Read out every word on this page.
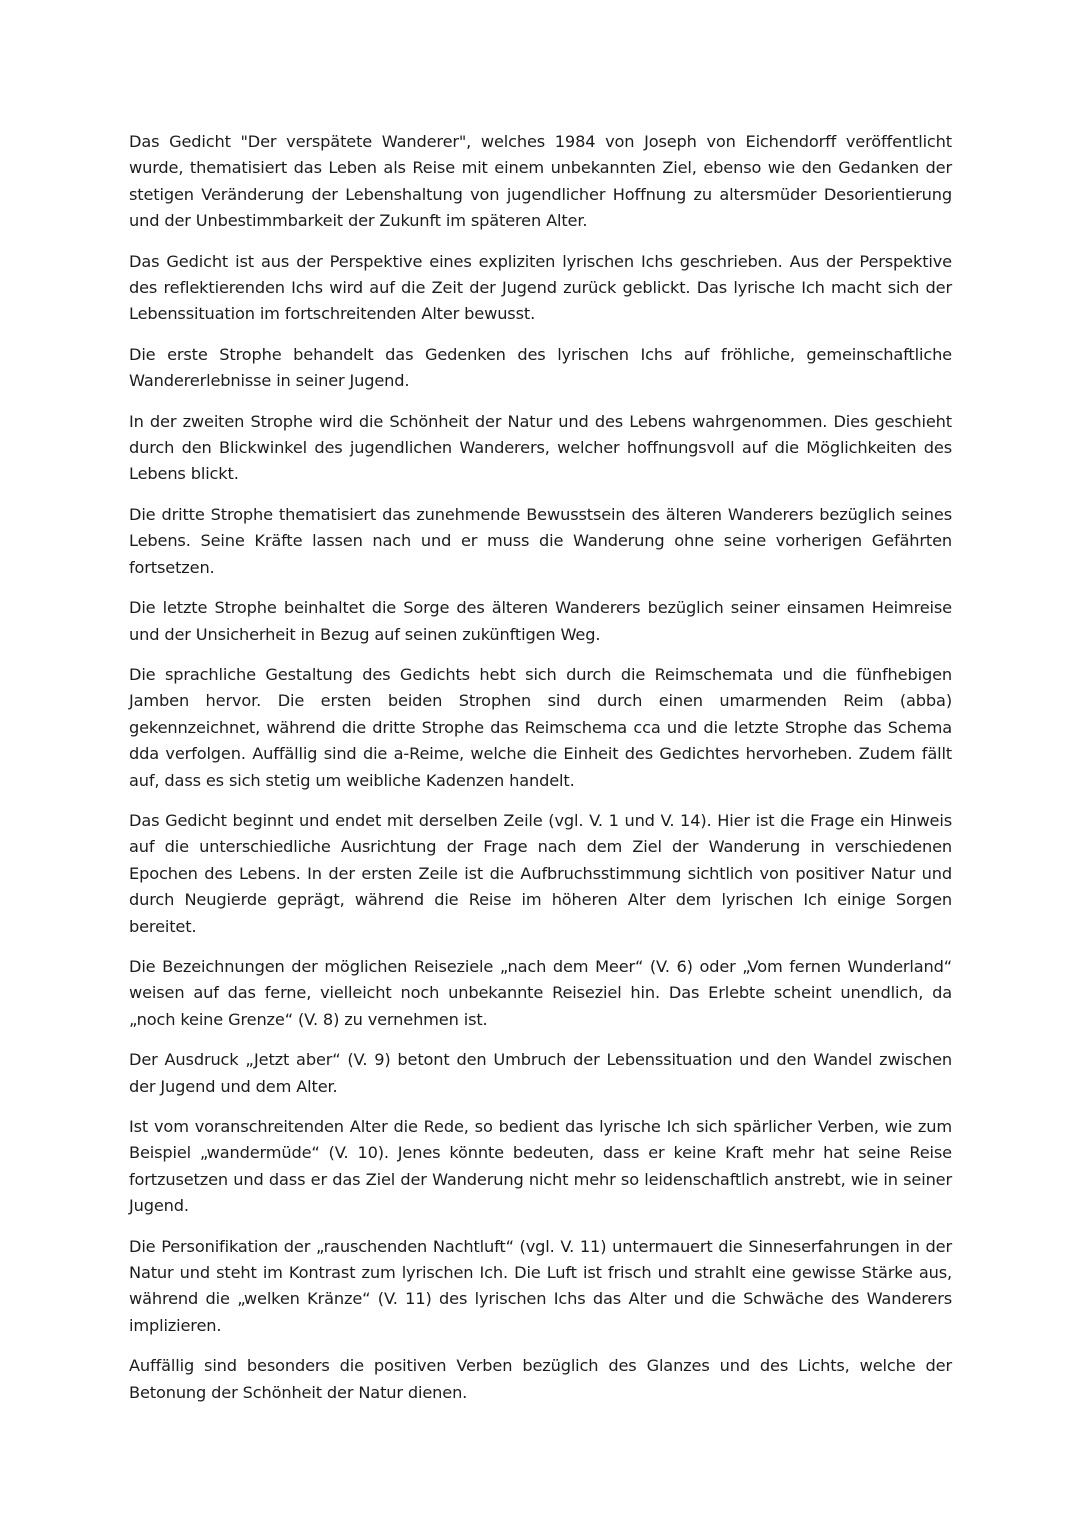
Das Gedicht "Der verspätete Wanderer", welches 1984 von Joseph von Eichendorff veröffentlicht wurde, thematisiert das Leben als Reise mit einem unbekannten Ziel, ebenso wie den Gedanken der stetigen Veränderung der Lebenshaltung von jugendlicher Hoffnung zu altersmüder Desorientierung und der Unbestimmbarkeit der Zukunft im späteren Alter.

Das Gedicht ist aus der Perspektive eines expliziten lyrischen Ichs geschrieben. Aus der Perspektive des reflektierenden Ichs wird auf die Zeit der Jugend zurück geblickt. Das lyrische Ich macht sich der Lebenssituation im fortschreitenden Alter bewusst.

Die erste Strophe behandelt das Gedenken des lyrischen Ichs auf fröhliche, gemeinschaftliche Wandererlebnisse in seiner Jugend.

In der zweiten Strophe wird die Schönheit der Natur und des Lebens wahrgenommen. Dies geschieht durch den Blickwinkel des jugendlichen Wanderers, welcher hoffnungsvoll auf die Möglichkeiten des Lebens blickt.

Die dritte Strophe thematisiert das zunehmende Bewusstsein des älteren Wanderers bezüglich seines Lebens. Seine Kräfte lassen nach und er muss die Wanderung ohne seine vorherigen Gefährten fortsetzen.

Die letzte Strophe beinhaltet die Sorge des älteren Wanderers bezüglich seiner einsamen Heimreise und der Unsicherheit in Bezug auf seinen zukünftigen Weg.

Die sprachliche Gestaltung des Gedichts hebt sich durch die Reimschemata und die fünfhebigen Jamben hervor. Die ersten beiden Strophen sind durch einen umarmenden Reim (abba) gekennzeichnet, während die dritte Strophe das Reimschema cca und die letzte Strophe das Schema dda verfolgen. Auffällig sind die a-Reime, welche die Einheit des Gedichtes hervorheben. Zudem fällt auf, dass es sich stetig um weibliche Kadenzen handelt.

Das Gedicht beginnt und endet mit derselben Zeile (vgl. V. 1 und V. 14). Hier ist die Frage ein Hinweis auf die unterschiedliche Ausrichtung der Frage nach dem Ziel der Wanderung in verschiedenen Epochen des Lebens. In der ersten Zeile ist die Aufbruchsstimmung sichtlich von positiver Natur und durch Neugierde geprägt, während die Reise im höheren Alter dem lyrischen Ich einige Sorgen bereitet.

Die Bezeichnungen der möglichen Reiseziele „nach dem Meer“ (V. 6) oder „Vom fernen Wunderland“ weisen auf das ferne, vielleicht noch unbekannte Reiseziel hin. Das Erlebte scheint unendlich, da „noch keine Grenze“ (V. 8) zu vernehmen ist.

Der Ausdruck „Jetzt aber“ (V. 9) betont den Umbruch der Lebenssituation und den Wandel zwischen der Jugend und dem Alter.

Ist vom voranschreitenden Alter die Rede, so bedient das lyrische Ich sich spärlicher Verben, wie zum Beispiel „wandermüde“ (V. 10). Jenes könnte bedeuten, dass er keine Kraft mehr hat seine Reise fortzusetzen und dass er das Ziel der Wanderung nicht mehr so leidenschaftlich anstrebt, wie in seiner Jugend.

Die Personifikation der „rauschenden Nachtluft“ (vgl. V. 11) untermauert die Sinneserfahrungen in der Natur und steht im Kontrast zum lyrischen Ich. Die Luft ist frisch und strahlt eine gewisse Stärke aus, während die „welken Kränze“ (V. 11) des lyrischen Ichs das Alter und die Schwäche des Wanderers implizieren.

Auffällig sind besonders die positiven Verben bezüglich des Glanzes und des Lichts, welche der Betonung der Schönheit der Natur dienen.
